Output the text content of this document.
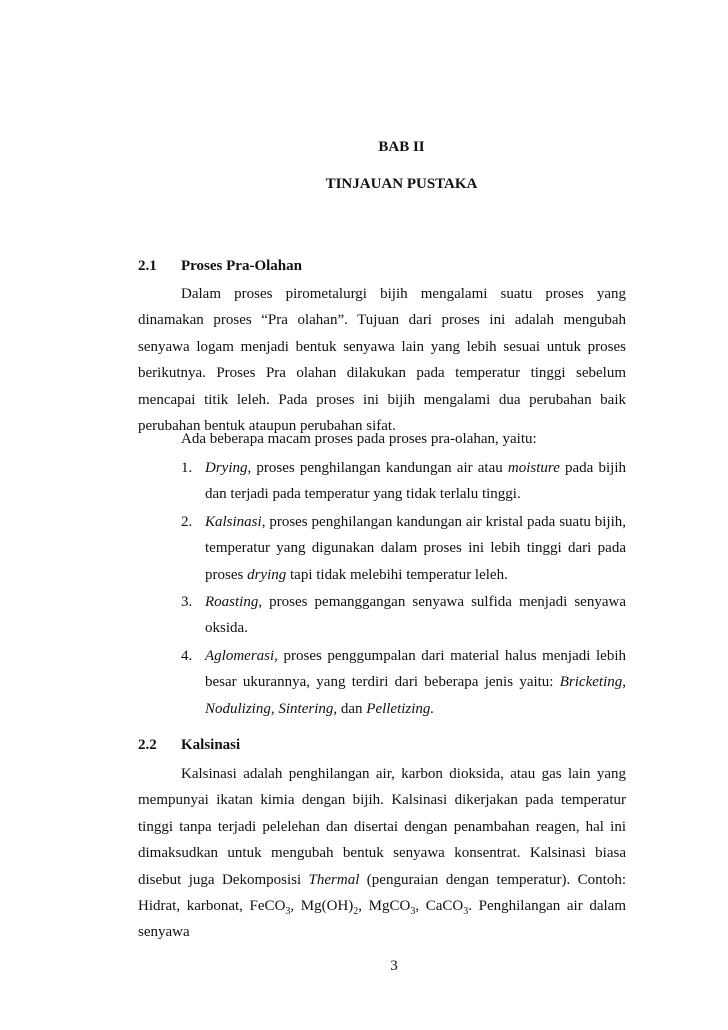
BAB II
TINJAUAN PUSTAKA
2.1 Proses Pra-Olahan

Dalam proses pirometalurgi bijih mengalami suatu proses yang dinamakan proses “Pra olahan”. Tujuan dari proses ini adalah mengubah senyawa logam menjadi bentuk senyawa lain yang lebih sesuai untuk proses berikutnya. Proses Pra olahan dilakukan pada temperatur tinggi sebelum mencapai titik leleh. Pada proses ini bijih mengalami dua perubahan baik perubahan bentuk ataupun perubahan sifat.

Ada beberapa macam proses pada proses pra-olahan, yaitu:
1. Drying, proses penghilangan kandungan air atau moisture pada bijih dan terjadi pada temperatur yang tidak terlalu tinggi.
2. Kalsinasi, proses penghilangan kandungan air kristal pada suatu bijih, temperatur yang digunakan dalam proses ini lebih tinggi dari pada proses drying tapi tidak melebihi temperatur leleh.
3. Roasting, proses pemanggangan senyawa sulfida menjadi senyawa oksida.
4. Aglomerasi, proses penggumpalan dari material halus menjadi lebih besar ukurannya, yang terdiri dari beberapa jenis yaitu: Bricketing, Nodulizing, Sintering, dan Pelletizing.
2.2 Kalsinasi

Kalsinasi adalah penghilangan air, karbon dioksida, atau gas lain yang mempunyai ikatan kimia dengan bijih. Kalsinasi dikerjakan pada temperatur tinggi tanpa terjadi pelelehan dan disertai dengan penambahan reagen, hal ini dimaksudkan untuk mengubah bentuk senyawa konsentrat. Kalsinasi biasa disebut juga Dekomposisi Thermal (penguraian dengan temperatur). Contoh: Hidrat, karbonat, FeCO$_3$, $Mg(OH)_2$, MgCO$_3$, CaCO$_3$. Penghilangan air dalam senyawa

3
